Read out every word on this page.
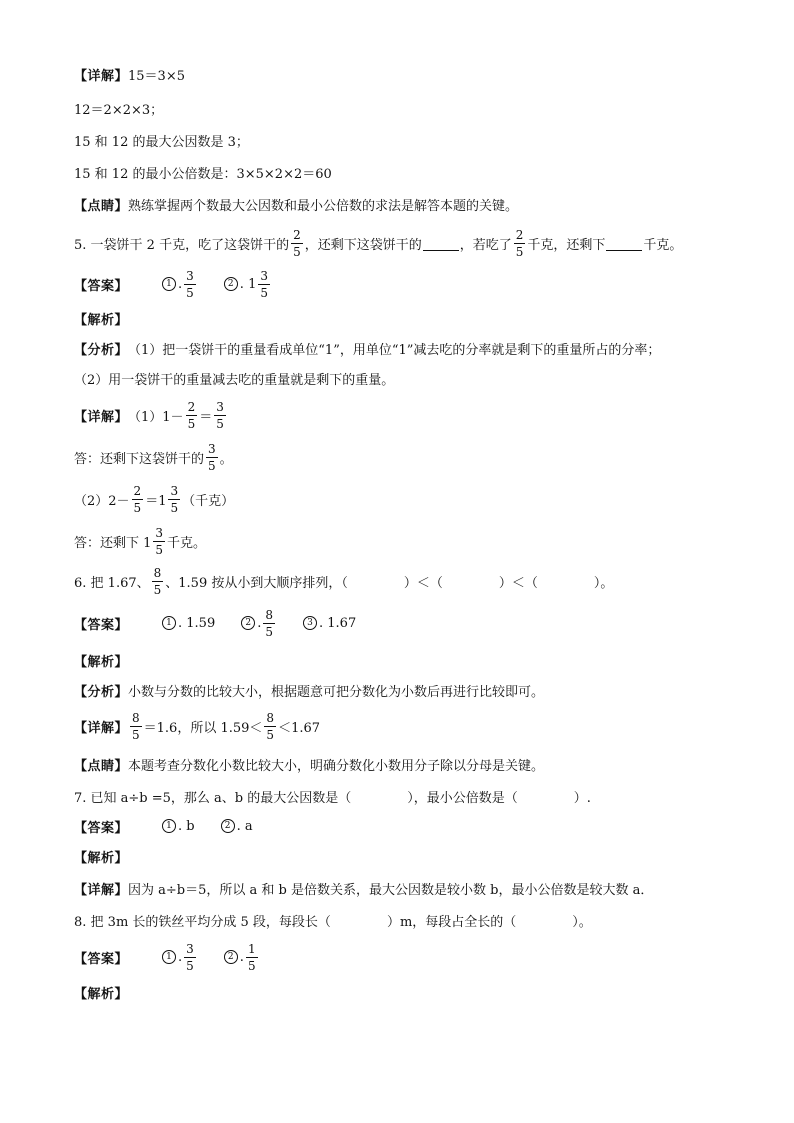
【详解】 15＝3×5
12＝2×2×3；
15 和 12 的最大公因数是 3；
15 和 12 的最小公倍数是：3×5×2×2＝60
【点睛】 熟练掌握两个数最大公因数和最小公倍数的求法是解答本题的关键。
5. 一袋饼干 2 千克，吃了这袋饼干的 $\frac{2}{5}$ ，还剩下这袋饼干的	，若吃了 $\frac{2}{5}$ 千克，还剩下	千克。
【答案】	1 . $\frac{3}{5}$	2 . $1 \frac{3}{5}$
【解析】
【分析】 （1）把一袋饼干的重量看成单位“1”，用单位“1”减去吃的分率就是剩下的重量所占的分率；
（2）用一袋饼干的重量减去吃的重量就是剩下的重量。
【详解】 $(1)1- \frac{2}{5} = \frac{3}{5}$
答：还剩下这袋饼干的 $\frac{3}{5}$ 。
$(2)2- \frac{2}{5} =1 \frac{3}{5}$ （千克）
答：还剩下 $1 \frac{3}{5}$ 千克。
6. 把 1.67、 $\frac{8}{5}$ 、1.59 按从小到大顺序排列，（	）＜（	）＜（	）。
【答案】	1 . 1.59	2 . $\frac{8}{5}$	3 . 1.67
【解析】
【分析】 小数与分数的比较大小，根据题意可把分数化为小数后再进行比较即可。
【详解】 $\frac{8}{5} =1.6$，所以 $1.59< \frac{8}{5} <1.67$
【点睛】 本题考查分数化小数比较大小，明确分数化小数用分子除以分母是关键。
7. 已知 a÷b =5，那么 a、b 的最大公因数是（	），最小公倍数是（	）.
【答案】	1 . b	2 . a
【解析】
【详解】 因为 a÷b＝5，所以 a 和 b 是倍数关系，最大公因数是较小数 b，最小公倍数是较大数 a．
8. 把 3m 长的铁丝平均分成 5 段，每段长（	）m，每段占全长的（	）。
【答案】	1 . $\frac{3}{5}$	2 . $\frac{1}{5}$
【解析】
